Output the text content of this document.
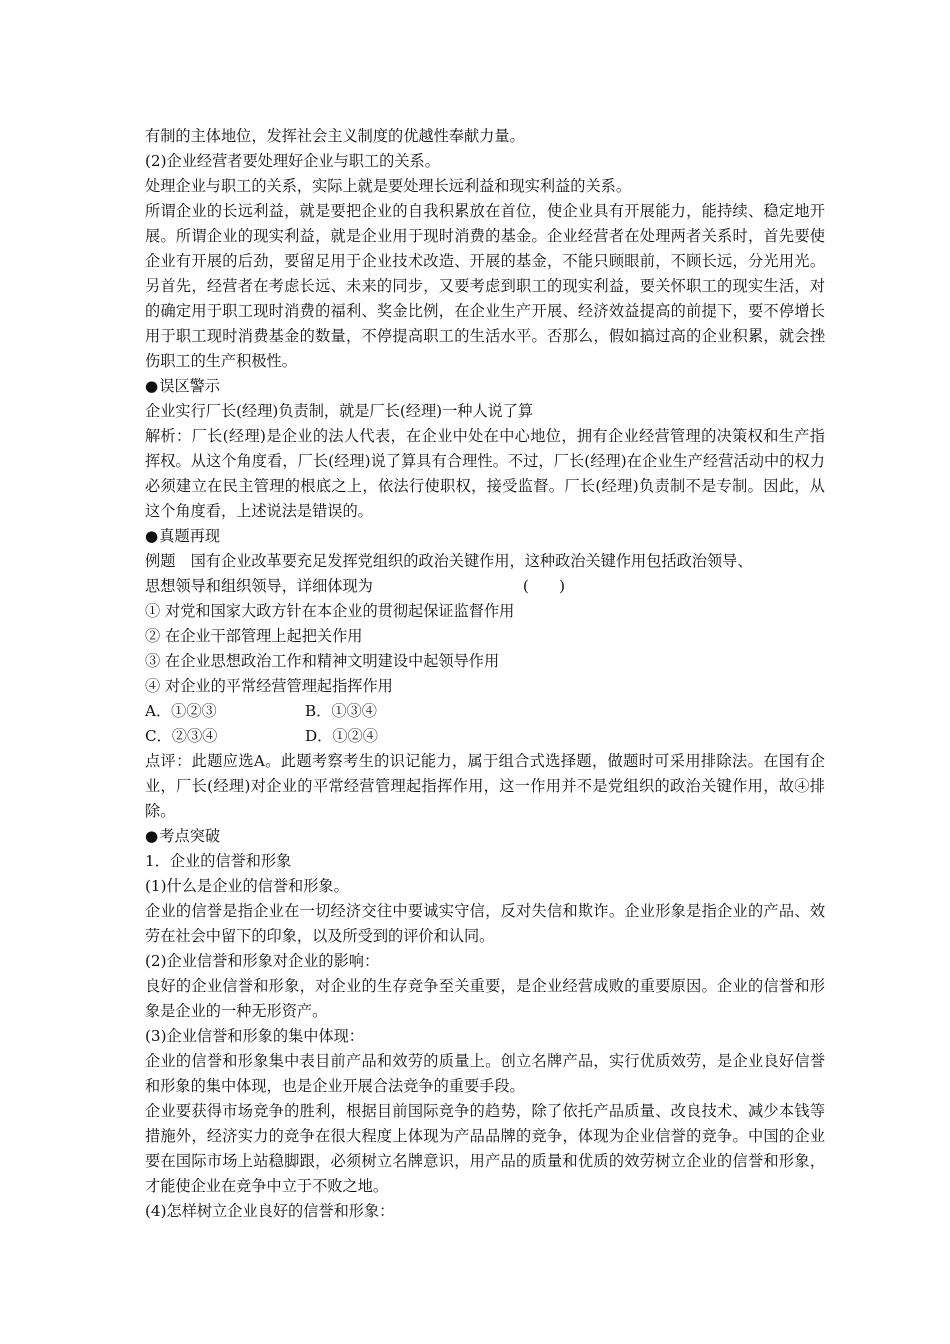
有制的主体地位，发挥社会主义制度的优越性奉献力量。

(2)企业经营者要处理好企业与职工的关系。

处理企业与职工的关系，实际上就是要处理长远利益和现实利益的关系。

所谓企业的长远利益，就是要把企业的自我积累放在首位，使企业具有开展能力，能持续、稳定地开展。所谓企业的现实利益，就是企业用于现时消费的基金。企业经营者在处理两者关系时，首先要使企业有开展的后劲，要留足用于企业技术改造、开展的基金，不能只顾眼前，不顾长远，分光用光。另首先，经营者在考虑长远、未来的同步，又要考虑到职工的现实利益，要关怀职工的现实生活，对的确定用于职工现时消费的福利、奖金比例，在企业生产开展、经济效益提高的前提下，要不停增长用于职工现时消费基金的数量，不停提高职工的生活水平。否那么，假如搞过高的企业积累，就会挫伤职工的生产积极性。

● 误区警示

企业实行厂长(经理)负责制，就是厂长(经理)一种人说了算

解析：厂长(经理)是企业的法人代表，在企业中处在中心地位，拥有企业经营管理的决策权和生产指挥权。从这个角度看，厂长(经理)说了算具有合理性。不过，厂长(经理)在企业生产经营活动中的权力必须建立在民主管理的根底之上，依法行使职权，接受监督。厂长(经理)负责制不是专制。因此，从这个角度看，上述说法是错误的。

● 真题再现

例题　国有企业改革要充足发挥党组织的政治关键作用，这种政治关键作用包括政治领导、

思想领导和组织领导，详细体现为	(　　)

① 对党和国家大政方针在本企业的贯彻起保证监督作用

② 在企业干部管理上起把关作用

③ 在企业思想政治工作和精神文明建设中起领导作用

④ 对企业的平常经营管理起指挥作用

A．①②③	B．①③④
C．②③④	D．①②④

点评：此题应选A。此题考察考生的识记能力，属于组合式选择题，做题时可采用排除法。在国有企业，厂长(经理)对企业的平常经营管理起指挥作用，这一作用并不是党组织的政治关键作用，故④排除。

● 考点突破

1．企业的信誉和形象

(1)什么是企业的信誉和形象。

企业的信誉是指企业在一切经济交往中要诚实守信，反对失信和欺诈。企业形象是指企业的产品、效劳在社会中留下的印象，以及所受到的评价和认同。

(2)企业信誉和形象对企业的影响：

良好的企业信誉和形象，对企业的生存竞争至关重要，是企业经营成败的重要原因。企业的信誉和形象是企业的一种无形资产。

(3)企业信誉和形象的集中体现：

企业的信誉和形象集中表目前产品和效劳的质量上。创立名牌产品，实行优质效劳，是企业良好信誉和形象的集中体现，也是企业开展合法竞争的重要手段。

企业要获得市场竞争的胜利，根据目前国际竞争的趋势，除了依托产品质量、改良技术、减少本钱等措施外，经济实力的竞争在很大程度上体现为产品品牌的竞争，体现为企业信誉的竞争。中国的企业要在国际市场上站稳脚跟，必须树立名牌意识，用产品的质量和优质的效劳树立企业的信誉和形象，才能使企业在竞争中立于不败之地。

(4)怎样树立企业良好的信誉和形象：
